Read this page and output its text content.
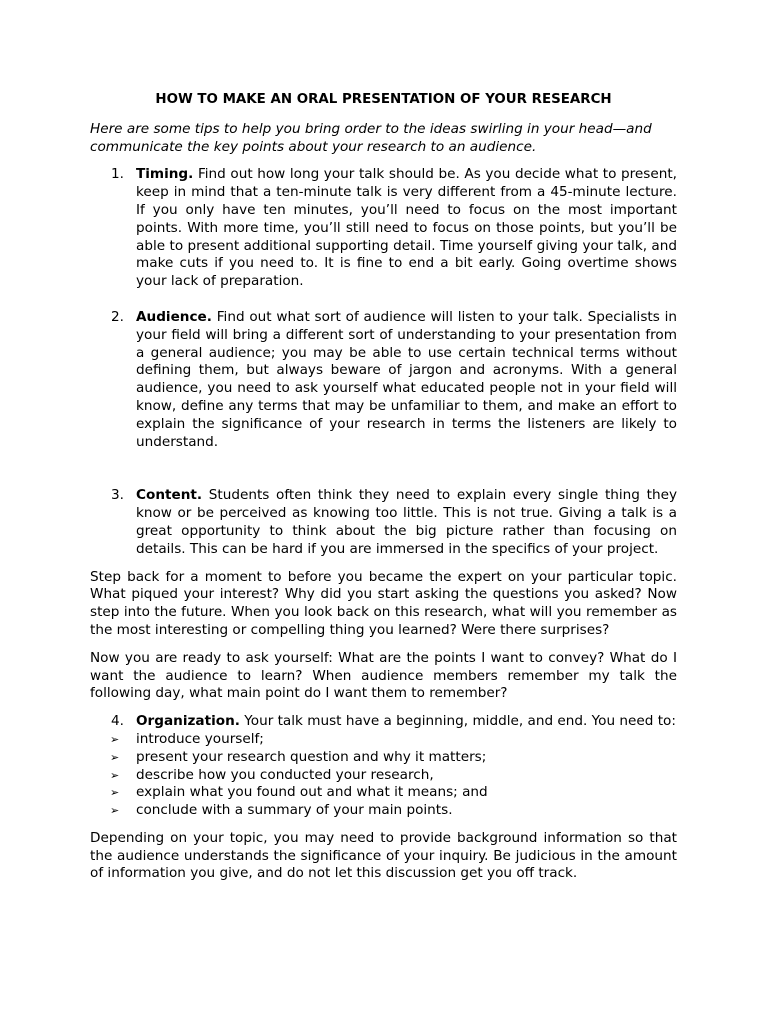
HOW TO MAKE AN ORAL PRESENTATION OF YOUR RESEARCH

Here are some tips to help you bring order to the ideas swirling in your head—and communicate the key points about your research to an audience.

1. Timing. Find out how long your talk should be. As you decide what to present, keep in mind that a ten-minute talk is very different from a 45-minute lecture. If you only have ten minutes, you’ll need to focus on the most important points. With more time, you’ll still need to focus on those points, but you’ll be able to present additional supporting detail. Time yourself giving your talk, and make cuts if you need to. It is fine to end a bit early. Going overtime shows your lack of preparation.
2. Audience. Find out what sort of audience will listen to your talk. Specialists in your field will bring a different sort of understanding to your presentation from a general audience; you may be able to use certain technical terms without defining them, but always beware of jargon and acronyms. With a general audience, you need to ask yourself what educated people not in your field will know, define any terms that may be unfamiliar to them, and make an effort to explain the significance of your research in terms the listeners are likely to understand.
3. Content. Students often think they need to explain every single thing they know or be perceived as knowing too little. This is not true. Giving a talk is a great opportunity to think about the big picture rather than focusing on details. This can be hard if you are immersed in the specifics of your project.

Step back for a moment to before you became the expert on your particular topic. What piqued your interest? Why did you start asking the questions you asked? Now step into the future. When you look back on this research, what will you remember as the most interesting or compelling thing you learned? Were there surprises?

Now you are ready to ask yourself: What are the points I want to convey? What do I want the audience to learn? When audience members remember my talk the following day, what main point do I want them to remember?

4. Organization. Your talk must have a beginning, middle, and end. You need to:
➢ introduce yourself;
➢ present your research question and why it matters;
➢ describe how you conducted your research,
➢ explain what you found out and what it means; and
➢ conclude with a summary of your main points.

Depending on your topic, you may need to provide background information so that the audience understands the significance of your inquiry. Be judicious in the amount of information you give, and do not let this discussion get you off track.
